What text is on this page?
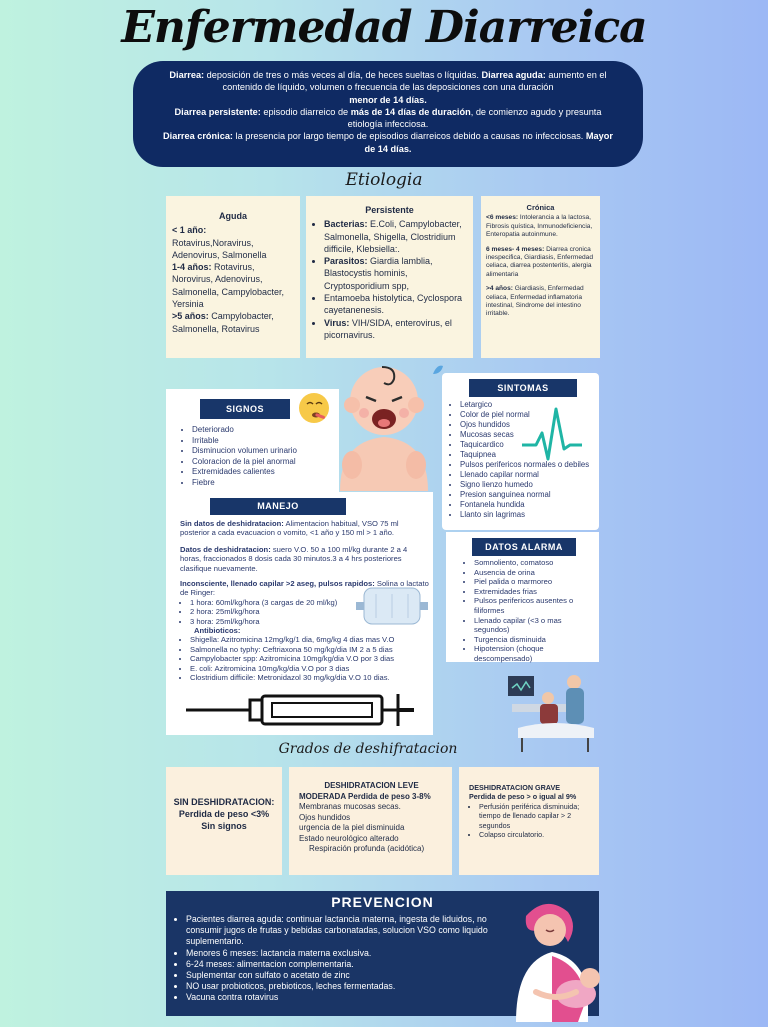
Enfermedad Diarreica
Diarrea: deposición de tres o más veces al día, de heces sueltas o líquidas. Diarrea aguda: aumento en el contenido de líquido, volumen o frecuencia de las deposiciones con una duración
menor de 14 días.
Diarrea persistente: episodio diarreico de más de 14 días de duración, de comienzo agudo y presunta etiología infecciosa.
Diarrea crónica: la presencia por largo tiempo de episodios diarreicos debido a causas no infecciosas. Mayor de 14 días.
Etiologia
Aguda
< 1 año:
Rotavirus,Noravirus, Adenovirus, Salmonella
1-4 años: Rotavirus, Norovirus, Adenovirus, Salmonella, Campylobacter, Yersinia
>5 años: Campylobacter, Salmonella, Rotavirus
Persistente
• Bacterias: E.Coli, Campylobacter, Salmonella, Shigella, Clostridium difficile, Klebsiella:.
• Parasitos: Giardia lamblia, Blastocystis hominis, Cryptosporidium spp,
• Entamoeba histolytica, Cyclospora cayetanenesis.
• Virus: VIH/SIDA, enterovirus, el picornavirus.
Crónica
<6 meses: Intolerancia a la lactosa, Fibrosis quística, Inmunodeficiencia, Enteropatia autoinmune.
6 meses- 4 meses: Diarrea cronica inespecifica, Giardiasis, Enfermedad celiaca, diarrea postenteritis, alergia alimentaria
>4 años: Giardiasis, Enfermedad celiaca, Enfermedad inflamatoria intestinal, Sindrome del intestino irritable.
SIGNOS
• Deteriorado
• Irritable
• Disminucion volumen urinario
• Coloracion de la piel anormal
• Extremidades calientes
• Fiebre
SINTOMAS
• Letargico
• Color de piel normal
• Ojos hundidos
• Mucosas secas
• Taquicardico
• Taquipnea
• Pulsos perifericos normales o debiles
• Llenado capilar normal
• Signo lienzo humedo
• Presion sanguinea normal
• Fontanela hundida
• Llanto sin lagrimas
MANEJO
Sin datos de deshidratacion: Alimentacion habitual, VSO 75 ml posterior a cada evacuacion o vomito, <1 año y 150 ml > 1 año.
Datos de deshidratacion: suero V.O. 50 a 100 ml/kg durante 2 a 4 horas, fraccionados 8 dosis cada 30 minutos.3 a 4 hrs posteriores clasifique nuevamente.
Inconsciente, llenado capilar >2 aseg, pulsos rapidos: Solina o lactato de Ringer:
• 1 hora: 60ml/kg/hora (3 cargas de 20 ml/kg)
• 2 hora: 25ml/kg/hora
• 3 hora: 25ml/kg/hora
Antibioticos:
• Shigella: Azitromicina 12mg/kg/1 dia, 6mg/kg 4 dias mas V.O
• Salmonella no typhy: Ceftriaxona 50 mg/kg/dia IM 2 a 5 dias
• Campylobacter spp: Azitromicina 10mg/kg/dia V.O por 3 dias
• E. coli: Azitromicina 10mg/kg/dia V.O por 3 dias
• Clostridium difficile: Metronidazol 30 mg/kg/dia V.O 10 dias.
DATOS ALARMA
• Somnoliento, comatoso
• Ausencia de orina
• Piel palida o marmoreo
• Extremidades frias
• Pulsos perifericos ausentes o filiformes
• Llenado capilar (<3 o mas segundos)
• Turgencia disminuida
• Hipotension (choque descompensado)
Grados de deshifratacion
SIN DESHIDRATACION:
Perdida de peso <3%
Sin signos
DESHIDRATACION LEVE
MODERADA Perdida de peso 3-8%
Membranas mucosas secas.
Ojos hundidos
urgencia de la piel disminuida
Estado neurológico alterado
Respiración profunda (acidótica)
DESHIDRATACION GRAVE
Perdida de peso > o igual al 9%
• Perfusión periférica disminuida; tiempo de llenado capilar > 2 segundos
• Colapso circulatorio.
PREVENCION
• Pacientes diarrea aguda: continuar lactancia materna, ingesta de liduidos, no consumir jugos de frutas y bebidas carbonatadas, solucion VSO como liquido suplementario.
• Menores 6 meses: lactancia materna exclusiva.
• 6-24 meses: alimentacion complementaria.
• Suplementar con sulfato o acetato de zinc
• NO usar probioticos, prebioticos, leches fermentadas.
• Vacuna contra rotavirus
